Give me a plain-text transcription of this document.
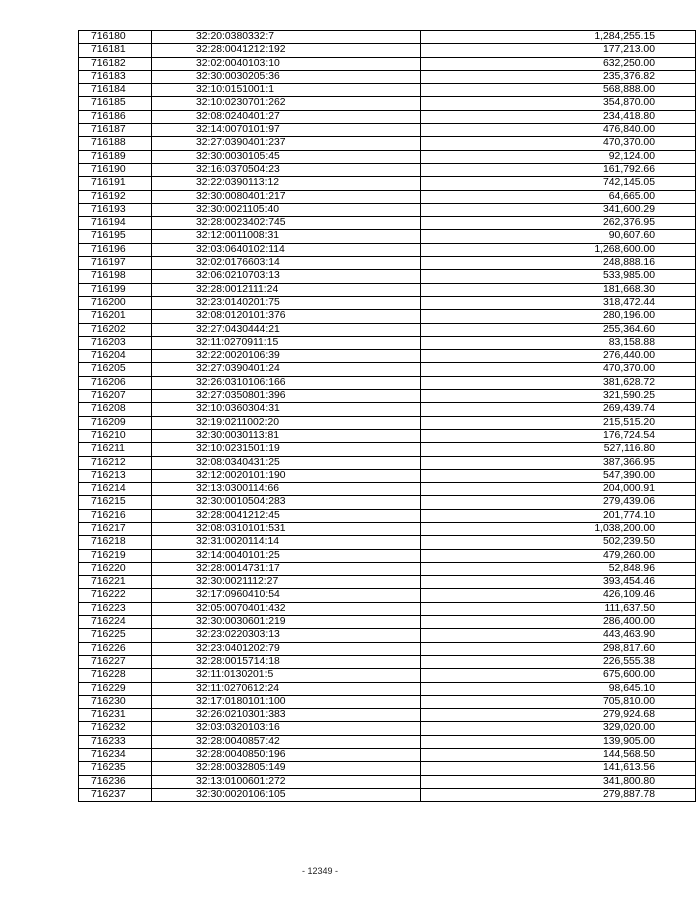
716180	32:20:0380332:7	1,284,255.15
716181	32:28:0041212:192	177,213.00
716182	32:02:0040103:10	632,250.00
716183	32:30:0030205:36	235,376.82
716184	32:10:0151001:1	568,888.00
716185	32:10:0230701:262	354,870.00
716186	32:08:0240401:27	234,418.80
716187	32:14:0070101:97	476,840.00
716188	32:27:0390401:237	470,370.00
716189	32:30:0030105:45	92,124.00
716190	32:16:0370504:23	161,792.66
716191	32:22:0390113:12	742,145.05
716192	32:30:0080401:217	64,665.00
716193	32:30:0021105:40	341,600.29
716194	32:28:0023402:745	262,376.95
716195	32:12:0011008:31	90,607.60
716196	32:03:0640102:114	1,268,600.00
716197	32:02:0176603:14	248,888.16
716198	32:06:0210703:13	533,985.00
716199	32:28:0012111:24	181,668.30
716200	32:23:0140201:75	318,472.44
716201	32:08:0120101:376	280,196.00
716202	32:27:0430444:21	255,364.60
716203	32:11:0270911:15	83,158.88
716204	32:22:0020106:39	276,440.00
716205	32:27:0390401:24	470,370.00
716206	32:26:0310106:166	381,628.72
716207	32:27:0350801:396	321,590.25
716208	32:10:0360304:31	269,439.74
716209	32:19:0211002:20	215,515.20
716210	32:30:0030113:81	176,724.54
716211	32:10:0231501:19	527,116.80
716212	32:08:0340431:25	387,366.95
716213	32:12:0020101:190	547,390.00
716214	32:13:0300114:66	204,000.91
716215	32:30:0010504:283	279,439.06
716216	32:28:0041212:45	201,774.10
716217	32:08:0310101:531	1,038,200.00
716218	32:31:0020114:14	502,239.50
716219	32:14:0040101:25	479,260.00
716220	32:28:0014731:17	52,848.96
716221	32:30:0021112:27	393,454.46
716222	32:17:0960410:54	426,109.46
716223	32:05:0070401:432	111,637.50
716224	32:30:0030601:219	286,400.00
716225	32:23:0220303:13	443,463.90
716226	32:23:0401202:79	298,817.60
716227	32:28:0015714:18	226,555.38
716228	32:11:0130201:5	675,600.00
716229	32:11:0270612:24	98,645.10
716230	32:17:0180101:100	705,810.00
716231	32:26:0210301:383	279,924.68
716232	32:03:0320103:16	329,020.00
716233	32:28:0040857:42	139,905.00
716234	32:28:0040850:196	144,568.50
716235	32:28:0032805:149	141,613.56
716236	32:13:0100601:272	341,800.80
716237	32:30:0020106:105	279,887.78
- 12349 -
